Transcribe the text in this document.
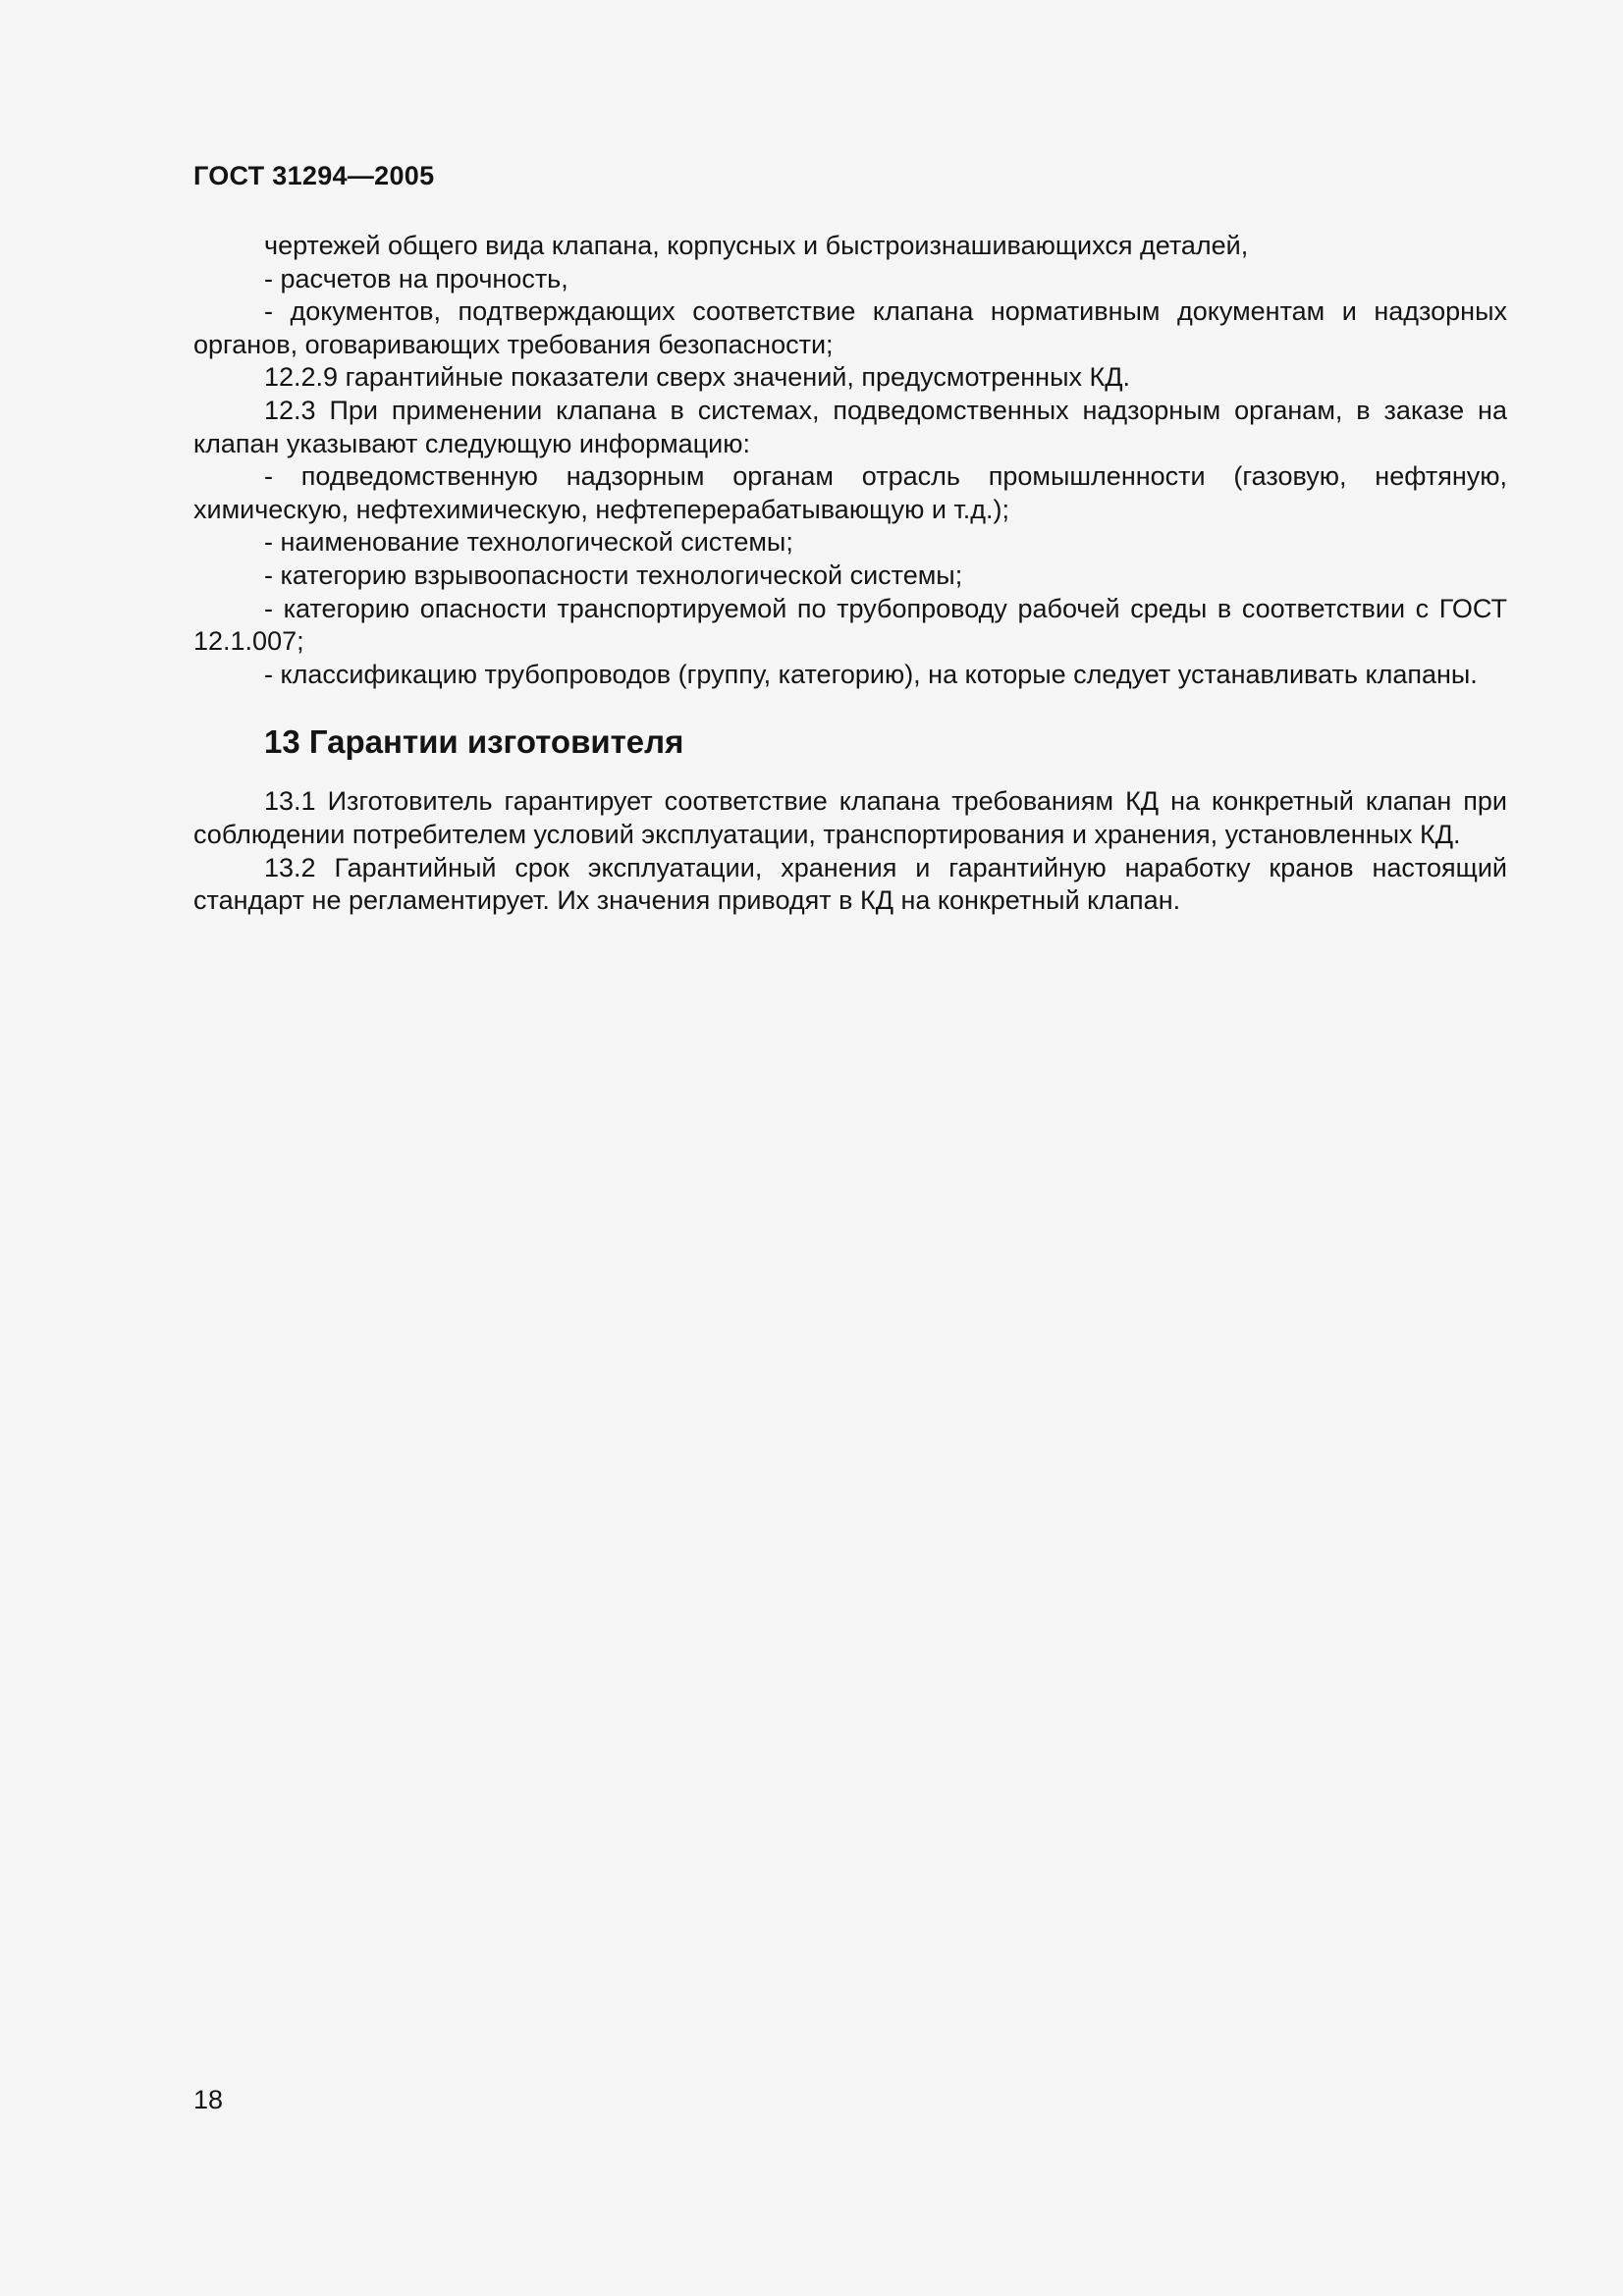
ГОСТ 31294—2005

чертежей общего вида клапана, корпусных и быстроизнашивающихся деталей,

- расчетов на прочность,

- документов, подтверждающих соответствие клапана нормативным документам и надзорных органов, оговаривающих требования безопасности;

12.2.9 гарантийные показатели сверх значений, предусмотренных КД.

12.3 При применении клапана в системах, подведомственных надзорным органам, в заказе на клапан указывают следующую информацию:

- подведомственную надзорным органам отрасль промышленности (газовую, нефтяную, химическую, нефтехимическую, нефтеперерабатывающую и т.д.);

- наименование технологической системы;

- категорию взрывоопасности технологической системы;

- категорию опасности транспортируемой по трубопроводу рабочей среды в соответствии с ГОСТ 12.1.007;

- классификацию трубопроводов (группу, категорию), на которые следует устанавливать клапаны.

13 Гарантии изготовителя

13.1 Изготовитель гарантирует соответствие клапана требованиям КД на конкретный клапан при соблюдении потребителем условий эксплуатации, транспортирования и хранения, установленных КД.

13.2 Гарантийный срок эксплуатации, хранения и гарантийную наработку кранов настоящий стандарт не регламентирует. Их значения приводят в КД на конкретный клапан.

18
